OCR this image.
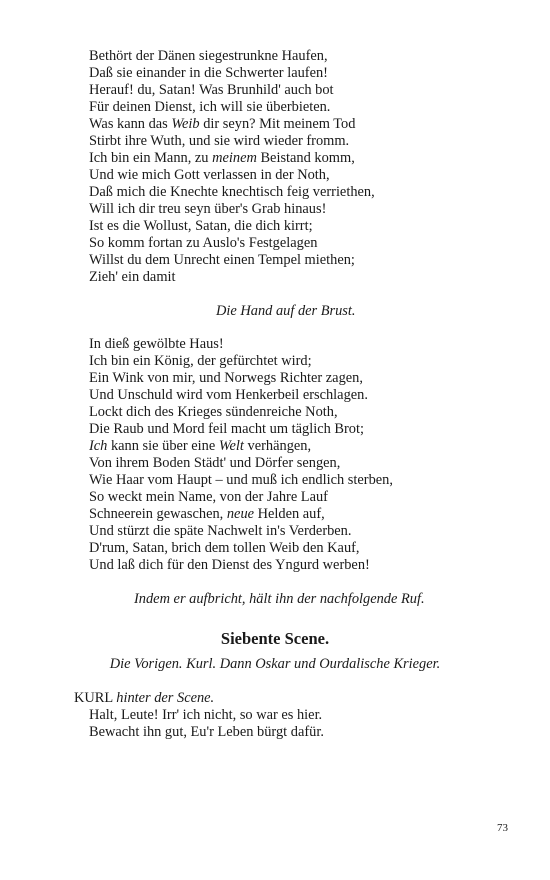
Bethört der Dänen siegestrunkne Haufen,
Daß sie einander in die Schwerter laufen!
Herauf! du, Satan! Was Brunhild' auch bot
Für deinen Dienst, ich will sie überbieten.
Was kann das Weib dir seyn? Mit meinem Tod
Stirbt ihre Wuth, und sie wird wieder fromm.
Ich bin ein Mann, zu meinem Beistand komm,
Und wie mich Gott verlassen in der Noth,
Daß mich die Knechte knechtisch feig verriethen,
Will ich dir treu seyn über's Grab hinaus!
Ist es die Wollust, Satan, die dich kirrt;
So komm fortan zu Auslo's Festgelagen
Willst du dem Unrecht einen Tempel miethen;
Zieh' ein damit
Die Hand auf der Brust.
In dieß gewölbte Haus!
Ich bin ein König, der gefürchtet wird;
Ein Wink von mir, und Norwegs Richter zagen,
Und Unschuld wird vom Henkerbeil erschlagen.
Lockt dich des Krieges sündenreiche Noth,
Die Raub und Mord feil macht um täglich Brot;
Ich kann sie über eine Welt verhängen,
Von ihrem Boden Städt' und Dörfer sengen,
Wie Haar vom Haupt – und muß ich endlich sterben,
So weckt mein Name, von der Jahre Lauf
Schneerein gewaschen, neue Helden auf,
Und stürzt die späte Nachwelt in's Verderben.
D'rum, Satan, brich dem tollen Weib den Kauf,
Und laß dich für den Dienst des Yngurd werben!
Indem er aufbricht, hält ihn der nachfolgende Ruf.
Siebente Scene.
Die Vorigen. Kurl. Dann Oskar und Ourdalische Krieger.
KURL hinter der Scene.
Halt, Leute! Irr' ich nicht, so war es hier.
Bewacht ihn gut, Eu'r Leben bürgt dafür.
73
